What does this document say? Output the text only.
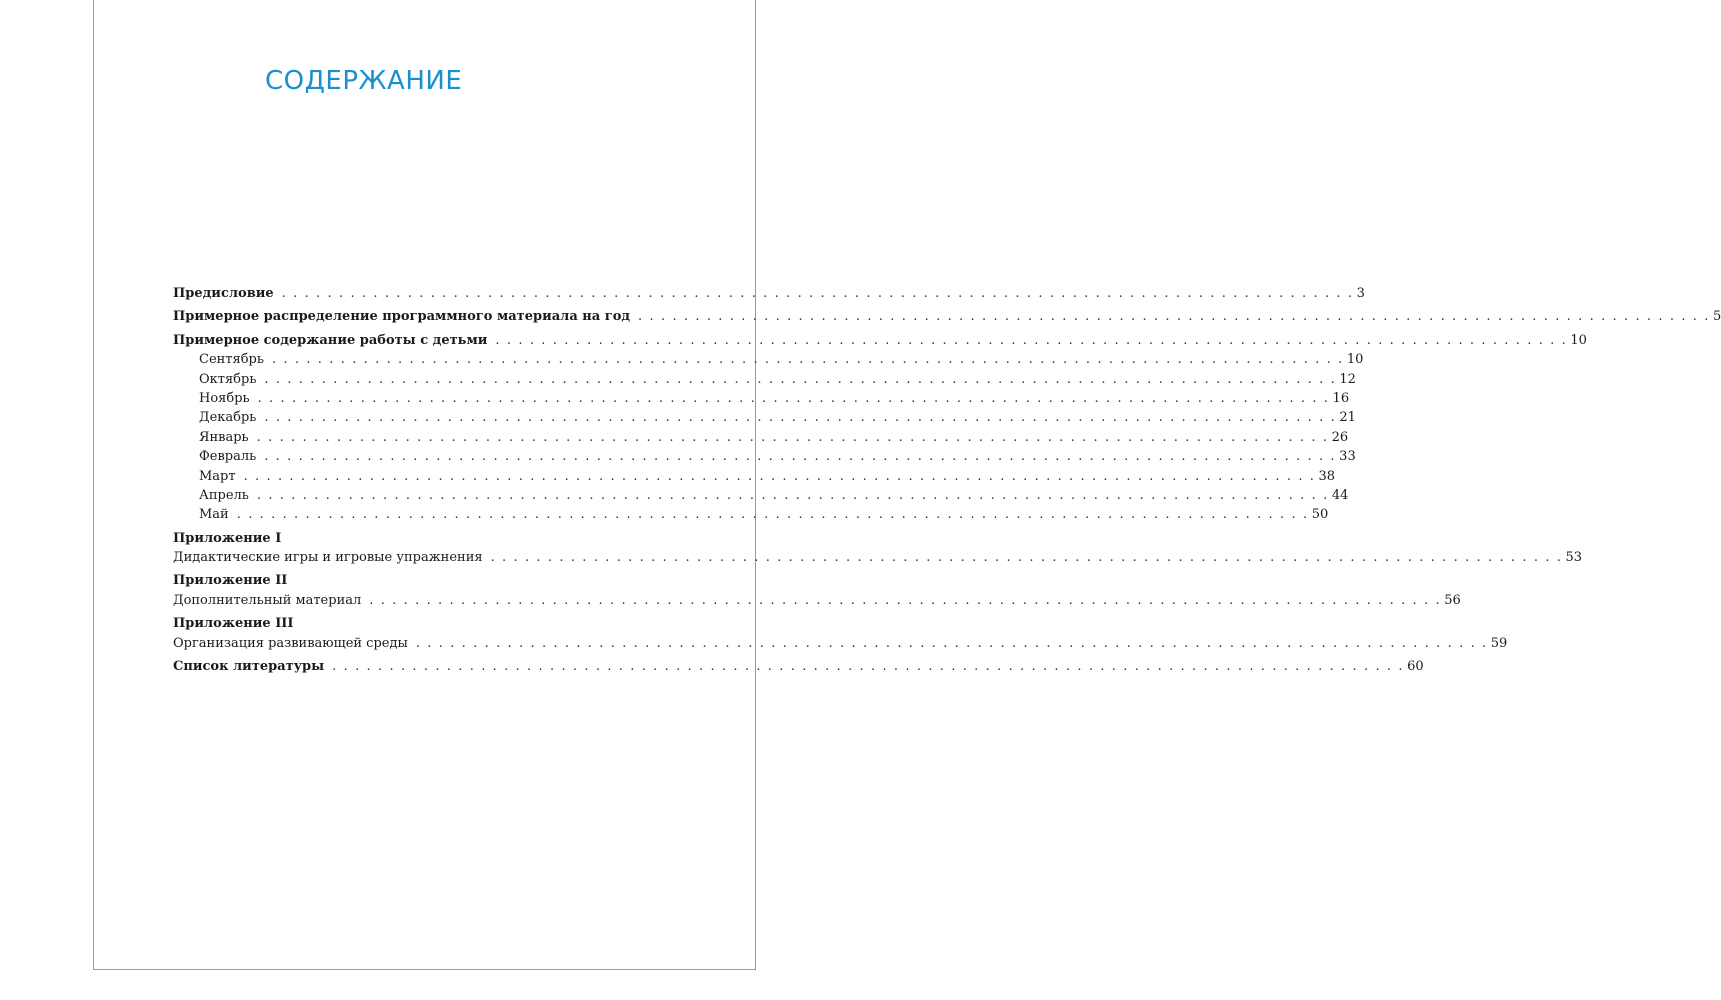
СОДЕРЖАНИЕ
Предисловие . . . . . . . . . . . . . . . . . . . . . . . . . . . . . . . . . . . . . . . . . . . . . . . . . . . . . . . . . . . . . . . . . . . . . . . . . . . . . . . . . . . . . . . . . . . . . . 3
Примерное распределение программного материала на год . . . . . . . . . . . . . . . . . . . . . . . . . . . . . . . . . . . . . . . . . . . . . . . . . . . . . . . . . . . . . . . . . . . . . . . . . . . . . . . . . . . . . . . . . . . . . . 5
Примерное содержание работы с детьми . . . . . . . . . . . . . . . . . . . . . . . . . . . . . . . . . . . . . . . . . . . . . . . . . . . . . . . . . . . . . . . . . . . . . . . . . . . . . . . . . . . . . . . . . . . . . . 10
Сентябрь . . . . . . . . . . . . . . . . . . . . . . . . . . . . . . . . . . . . . . . . . . . . . . . . . . . . . . . . . . . . . . . . . . . . . . . . . . . . . . . . . . . . . . . . . . . . . . 10
Октябрь . . . . . . . . . . . . . . . . . . . . . . . . . . . . . . . . . . . . . . . . . . . . . . . . . . . . . . . . . . . . . . . . . . . . . . . . . . . . . . . . . . . . . . . . . . . . . . 12
Ноябрь . . . . . . . . . . . . . . . . . . . . . . . . . . . . . . . . . . . . . . . . . . . . . . . . . . . . . . . . . . . . . . . . . . . . . . . . . . . . . . . . . . . . . . . . . . . . . . 16
Декабрь . . . . . . . . . . . . . . . . . . . . . . . . . . . . . . . . . . . . . . . . . . . . . . . . . . . . . . . . . . . . . . . . . . . . . . . . . . . . . . . . . . . . . . . . . . . . . . 21
Январь . . . . . . . . . . . . . . . . . . . . . . . . . . . . . . . . . . . . . . . . . . . . . . . . . . . . . . . . . . . . . . . . . . . . . . . . . . . . . . . . . . . . . . . . . . . . . . 26
Февраль . . . . . . . . . . . . . . . . . . . . . . . . . . . . . . . . . . . . . . . . . . . . . . . . . . . . . . . . . . . . . . . . . . . . . . . . . . . . . . . . . . . . . . . . . . . . . . 33
Март . . . . . . . . . . . . . . . . . . . . . . . . . . . . . . . . . . . . . . . . . . . . . . . . . . . . . . . . . . . . . . . . . . . . . . . . . . . . . . . . . . . . . . . . . . . . . . 38
Апрель . . . . . . . . . . . . . . . . . . . . . . . . . . . . . . . . . . . . . . . . . . . . . . . . . . . . . . . . . . . . . . . . . . . . . . . . . . . . . . . . . . . . . . . . . . . . . . 44
Май . . . . . . . . . . . . . . . . . . . . . . . . . . . . . . . . . . . . . . . . . . . . . . . . . . . . . . . . . . . . . . . . . . . . . . . . . . . . . . . . . . . . . . . . . . . . . . 50
Приложение I
Дидактические игры и игровые упражнения . . . . . . . . . . . . . . . . . . . . . . . . . . . . . . . . . . . . . . . . . . . . . . . . . . . . . . . . . . . . . . . . . . . . . . . . . . . . . . . . . . . . . . . . . . . . . . 53
Приложение II
Дополнительный материал . . . . . . . . . . . . . . . . . . . . . . . . . . . . . . . . . . . . . . . . . . . . . . . . . . . . . . . . . . . . . . . . . . . . . . . . . . . . . . . . . . . . . . . . . . . . . . 56
Приложение III
Организация развивающей среды . . . . . . . . . . . . . . . . . . . . . . . . . . . . . . . . . . . . . . . . . . . . . . . . . . . . . . . . . . . . . . . . . . . . . . . . . . . . . . . . . . . . . . . . . . . . . . 59
Список литературы . . . . . . . . . . . . . . . . . . . . . . . . . . . . . . . . . . . . . . . . . . . . . . . . . . . . . . . . . . . . . . . . . . . . . . . . . . . . . . . . . . . . . . . . . . . . . . 60
